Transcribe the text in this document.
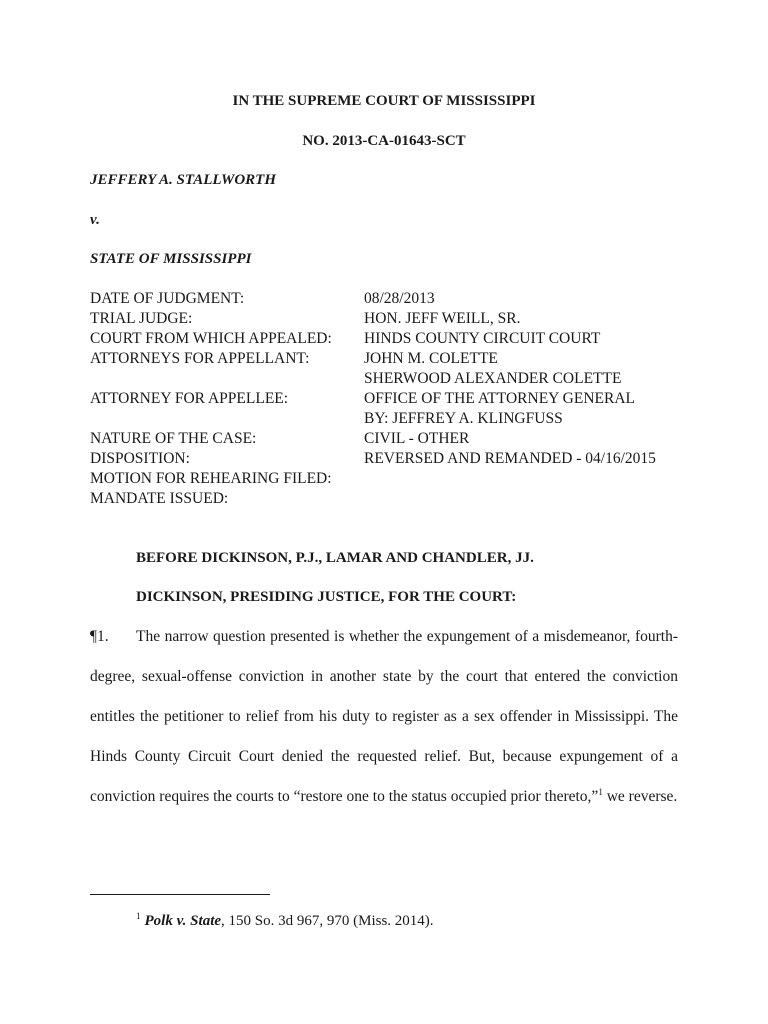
IN THE SUPREME COURT OF MISSISSIPPI
NO. 2013-CA-01643-SCT
JEFFERY A. STALLWORTH
v.
STATE OF MISSISSIPPI
DATE OF JUDGMENT:	08/28/2013
TRIAL JUDGE:	HON. JEFF WEILL, SR.
COURT FROM WHICH APPEALED:	HINDS COUNTY CIRCUIT COURT
ATTORNEYS FOR APPELLANT:	JOHN M. COLETTE
SHERWOOD ALEXANDER COLETTE
ATTORNEY FOR APPELLEE:	OFFICE OF THE ATTORNEY GENERAL
BY: JEFFREY A. KLINGFUSS
NATURE OF THE CASE:	CIVIL - OTHER
DISPOSITION:	REVERSED AND REMANDED - 04/16/2015
MOTION FOR REHEARING FILED:
MANDATE ISSUED:
BEFORE DICKINSON, P.J., LAMAR AND CHANDLER, JJ.
DICKINSON, PRESIDING JUSTICE, FOR THE COURT:
¶1. The narrow question presented is whether the expungement of a misdemeanor, fourth-degree, sexual-offense conviction in another state by the court that entered the conviction entitles the petitioner to relief from his duty to register as a sex offender in Mississippi. The Hinds County Circuit Court denied the requested relief. But, because expungement of a conviction requires the courts to “restore one to the status occupied prior thereto,”$^1$ we reverse.
$^1$ Polk v. State, 150 So. 3d 967, 970 (Miss. 2014).
